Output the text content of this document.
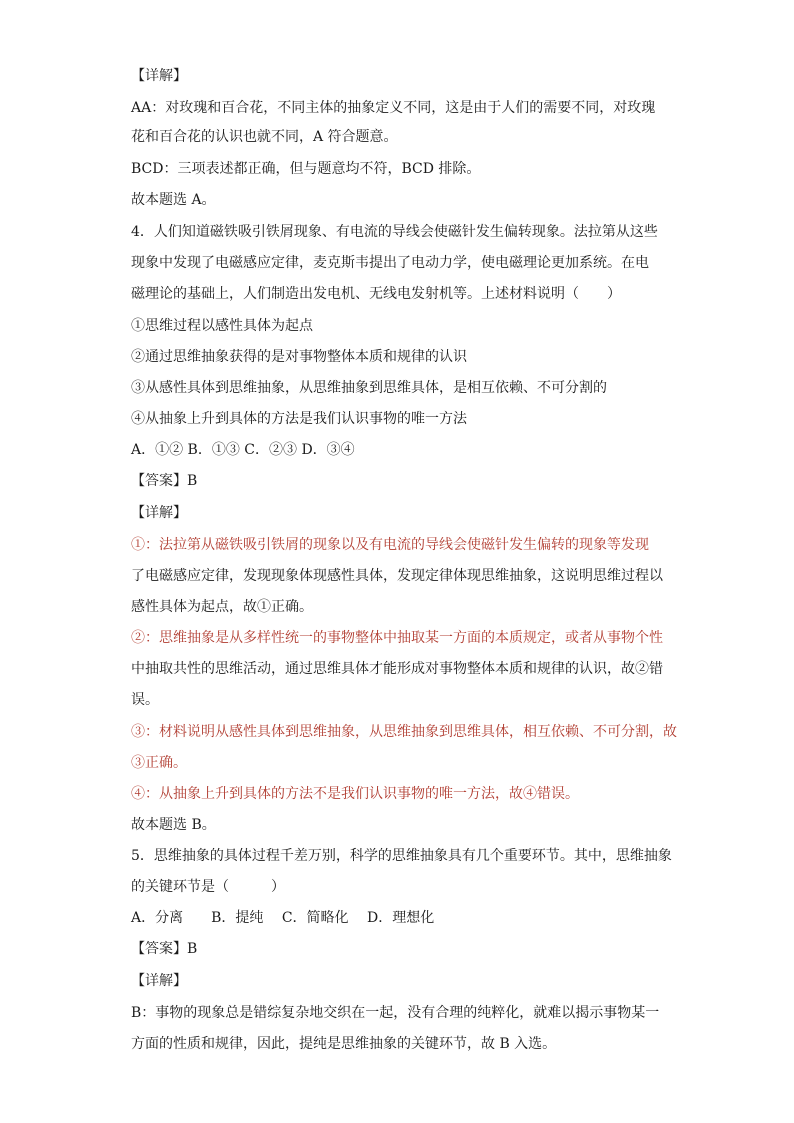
【详解】
AA：对玫瑰和百合花，不同主体的抽象定义不同，这是由于人们的需要不同，对玫瑰
花和百合花的认识也就不同，A 符合题意。
BCD：三项表述都正确，但与题意均不符，BCD 排除。
故本题选 A。
4．人们知道磁铁吸引铁屑现象、有电流的导线会使磁针发生偏转现象。法拉第从这些
现象中发现了电磁感应定律，麦克斯韦提出了电动力学，使电磁理论更加系统。在电
磁理论的基础上，人们制造出发电机、无线电发射机等。上述材料说明（　　）
①思维过程以感性具体为起点
②通过思维抽象获得的是对事物整体本质和规律的认识
③从感性具体到思维抽象，从思维抽象到思维具体，是相互依赖、不可分割的
④从抽象上升到具体的方法是我们认识事物的唯一方法
A．①② B．①③ C．②③ D．③④
【答案】B
【详解】
①：法拉第从磁铁吸引铁屑的现象以及有电流的导线会使磁针发生偏转的现象等发现
了电磁感应定律，发现现象体现感性具体，发现定律体现思维抽象，这说明思维过程以
感性具体为起点，故①正确。
②：思维抽象是从多样性统一的事物整体中抽取某一方面的本质规定，或者从事物个性
中抽取共性的思维活动，通过思维具体才能形成对事物整体本质和规律的认识，故②错
误。
③：材料说明从感性具体到思维抽象，从思维抽象到思维具体，相互依赖、不可分割，故
③正确。
④：从抽象上升到具体的方法不是我们认识事物的唯一方法，故④错误。
故本题选 B。
5．思维抽象的具体过程千差万别，科学的思维抽象具有几个重要环节。其中，思维抽象
的关键环节是（　　　）
A．分离　　B．提纯　 C．简略化　 D．理想化
【答案】B
【详解】
B：事物的现象总是错综复杂地交织在一起，没有合理的纯粹化，就难以揭示事物某一
方面的性质和规律，因此，提纯是思维抽象的关键环节，故 B 入选。
